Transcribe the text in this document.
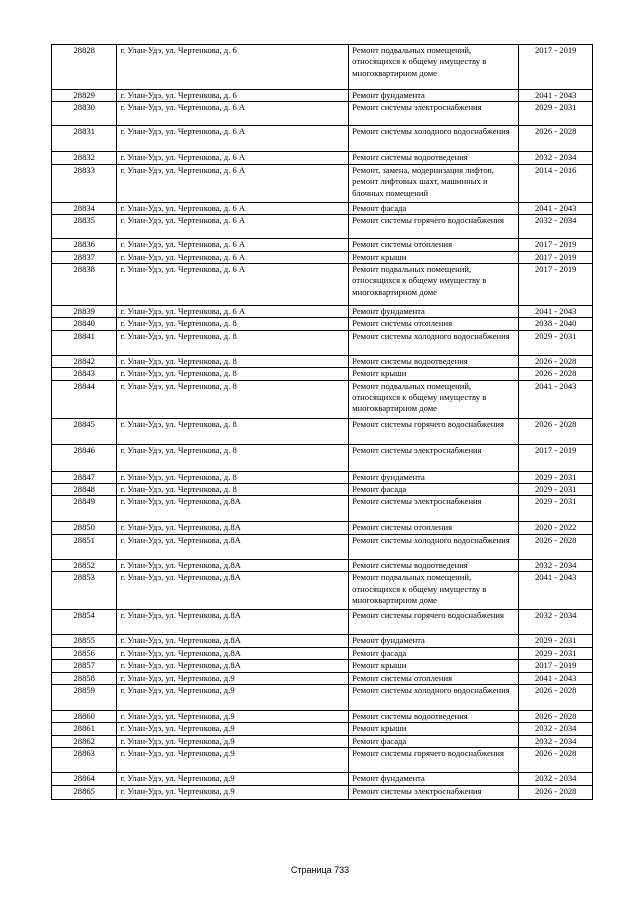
28828	г. Улан-Удэ, ул. Чертенкова, д. 6	Ремонт подвальных помещений, относящихся к общему имуществу в многоквартирном доме	2017 - 2019
28829	г. Улан-Удэ, ул. Чертенкова, д. 6	Ремонт фундамента	2041 - 2043
28830	г. Улан-Удэ, ул. Чертенкова, д. 6 А	Ремонт системы электроснабжения	2029 - 2031
28831	г. Улан-Удэ, ул. Чертенкова, д. 6 А	Ремонт системы холодного водоснабжения	2026 - 2028
28832	г. Улан-Удэ, ул. Чертенкова, д. 6 А	Ремонт системы водоотведения	2032 - 2034
28833	г. Улан-Удэ, ул. Чертенкова, д. 6 А	Ремонт, замена, модернизация лифтов, ремонт лифтовых шахт, машинных и блочных помещений	2014 - 2016
28834	г. Улан-Удэ, ул. Чертенкова, д. 6 А	Ремонт фасада	2041 - 2043
28835	г. Улан-Удэ, ул. Чертенкова, д. 6 А	Ремонт системы горячего водоснабжения	2032 - 2034
28836	г. Улан-Удэ, ул. Чертенкова, д. 6 А	Ремонт системы отопления	2017 - 2019
28837	г. Улан-Удэ, ул. Чертенкова, д. 6 А	Ремонт крыши	2017 - 2019
28838	г. Улан-Удэ, ул. Чертенкова, д. 6 А	Ремонт подвальных помещений, относящихся к общему имуществу в многоквартирном доме	2017 - 2019
28839	г. Улан-Удэ, ул. Чертенкова, д. 6 А	Ремонт фундамента	2041 - 2043
28840	г. Улан-Удэ, ул. Чертенкова, д. 8	Ремонт системы отопления	2038 - 2040
28841	г. Улан-Удэ, ул. Чертенкова, д. 8	Ремонт системы холодного водоснабжения	2029 - 2031
28842	г. Улан-Удэ, ул. Чертенкова, д. 8	Ремонт системы водоотведения	2026 - 2028
28843	г. Улан-Удэ, ул. Чертенкова, д. 8	Ремонт крыши	2026 - 2028
28844	г. Улан-Удэ, ул. Чертенкова, д. 8	Ремонт подвальных помещений, относящихся к общему имуществу в многоквартирном доме	2041 - 2043
28845	г. Улан-Удэ, ул. Чертенкова, д. 8	Ремонт системы горячего водоснабжения	2026 - 2028
28846	г. Улан-Удэ, ул. Чертенкова, д. 8	Ремонт системы электроснабжения	2017 - 2019
28847	г. Улан-Удэ, ул. Чертенкова, д. 8	Ремонт фундамента	2029 - 2031
28848	г. Улан-Удэ, ул. Чертенкова, д. 8	Ремонт фасада	2029 - 2031
28849	г. Улан-Удэ, ул. Чертенкова, д.8А	Ремонт системы электроснабжения	2029 - 2031
28850	г. Улан-Удэ, ул. Чертенкова, д.8А	Ремонт системы отопления	2020 - 2022
28851	г. Улан-Удэ, ул. Чертенкова, д.8А	Ремонт системы холодного водоснабжения	2026 - 2028
28852	г. Улан-Удэ, ул. Чертенкова, д.8А	Ремонт системы водоотведения	2032 - 2034
28853	г. Улан-Удэ, ул. Чертенкова, д.8А	Ремонт подвальных помещений, относящихся к общему имуществу в многоквартирном доме	2041 - 2043
28854	г. Улан-Удэ, ул. Чертенкова, д.8А	Ремонт системы горячего водоснабжения	2032 - 2034
28855	г. Улан-Удэ, ул. Чертенкова, д.8А	Ремонт фундамента	2029 - 2031
28856	г. Улан-Удэ, ул. Чертенкова, д.8А	Ремонт фасада	2029 - 2031
28857	г. Улан-Удэ, ул. Чертенкова, д.8А	Ремонт крыши	2017 - 2019
28858	г. Улан-Удэ, ул. Чертенкова, д.9	Ремонт системы отопления	2041 - 2043
28859	г. Улан-Удэ, ул. Чертенкова, д.9	Ремонт системы холодного водоснабжения	2026 - 2028
28860	г. Улан-Удэ, ул. Чертенкова, д.9	Ремонт системы водоотведения	2026 - 2028
28861	г. Улан-Удэ, ул. Чертенкова, д.9	Ремонт крыши	2032 - 2034
28862	г. Улан-Удэ, ул. Чертенкова, д.9	Ремонт фасада	2032 - 2034
28863	г. Улан-Удэ, ул. Чертенкова, д.9	Ремонт системы горячего водоснабжения	2026 - 2028
28864	г. Улан-Удэ, ул. Чертенкова, д.9	Ремонт фундамента	2032 - 2034
28865	г. Улан-Удэ, ул. Чертенкова, д.9	Ремонт системы электроснабжения	2026 - 2028
Страница 733
